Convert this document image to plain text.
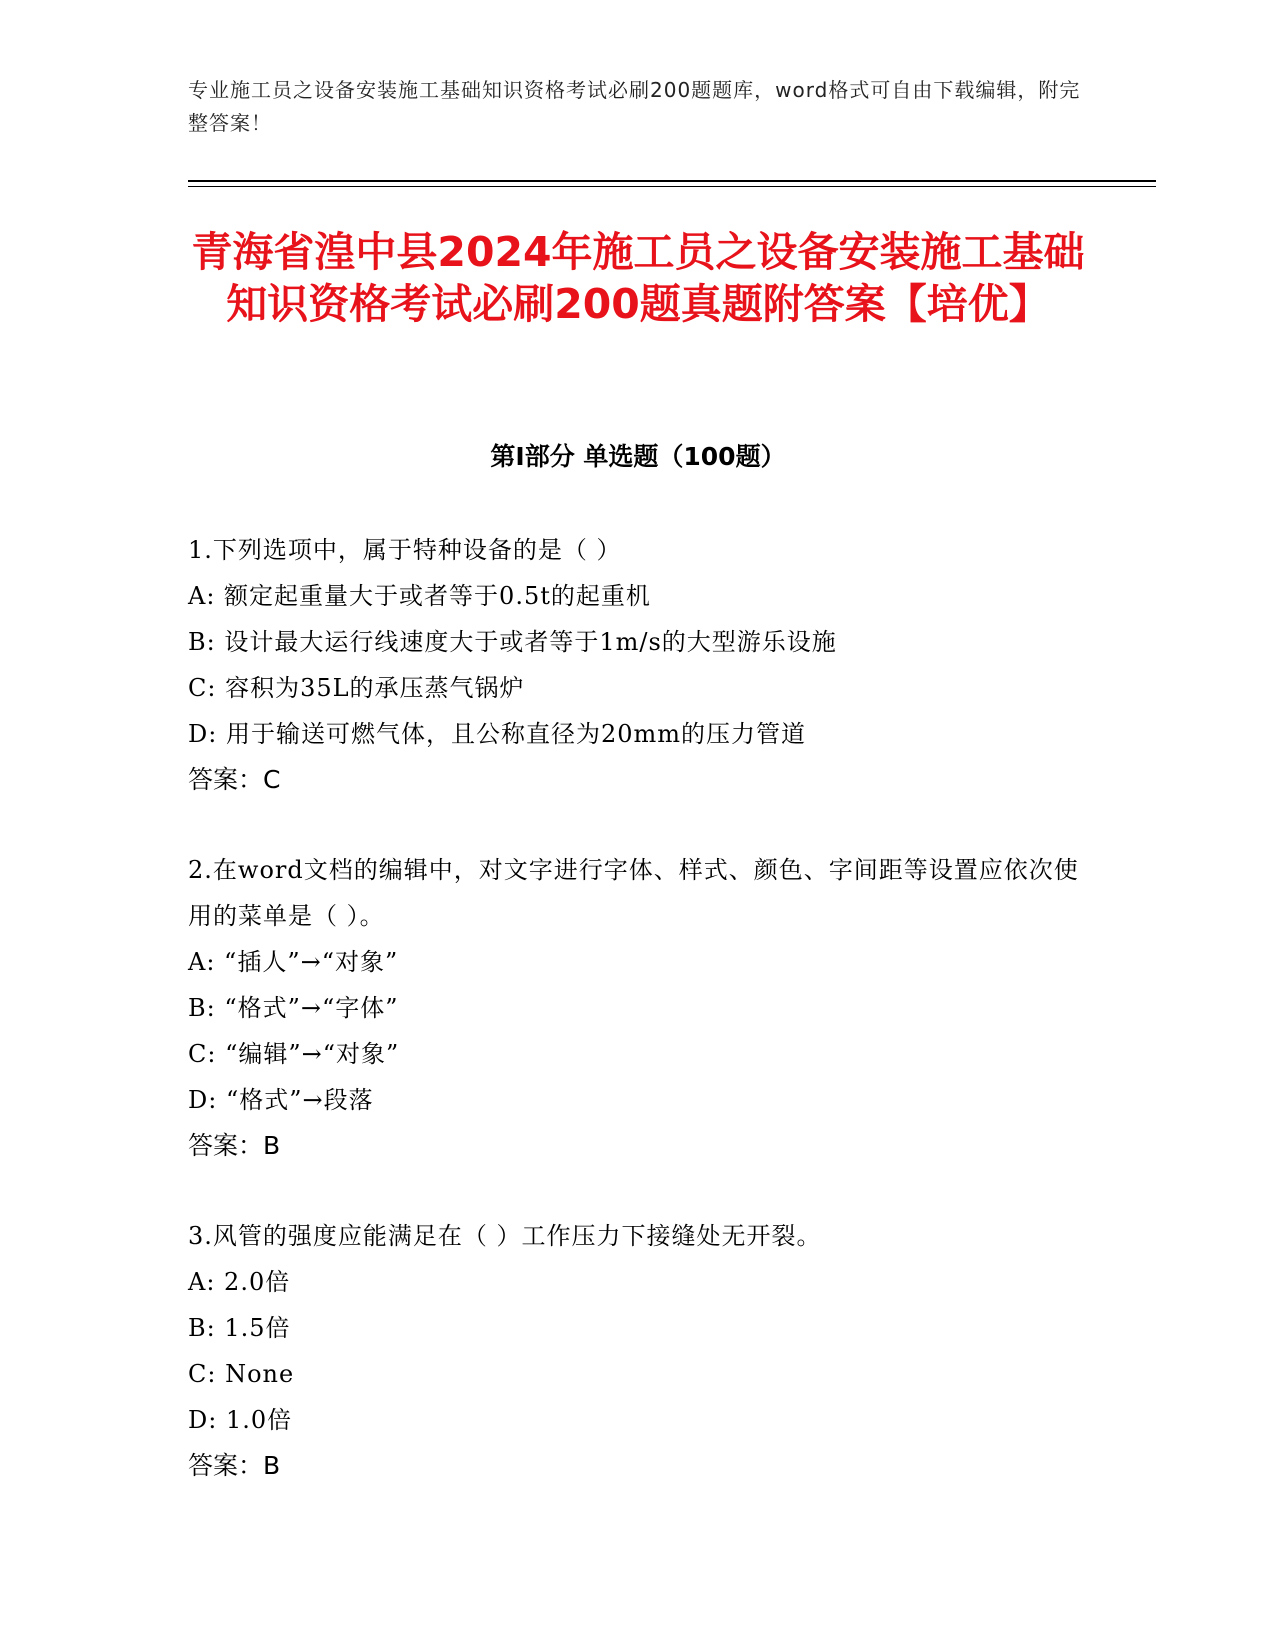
专业施工员之设备安装施工基础知识资格考试必刷200题题库，word格式可自由下载编辑，附完整答案！
青海省湟中县2024年施工员之设备安装施工基础知识资格考试必刷200题真题附答案【培优】
第I部分 单选题（100题）
1.下列选项中，属于特种设备的是（ ）
A: 额定起重量大于或者等于0.5t的起重机
B: 设计最大运行线速度大于或者等于1m/s的大型游乐设施
C: 容积为35L的承压蒸气锅炉
D: 用于输送可燃气体，且公称直径为20mm的压力管道
答案：C
2.在word文档的编辑中，对文字进行字体、样式、颜色、字间距等设置应依次使用的菜单是（ ）。
A: “插人”→“对象”
B: “格式”→“字体”
C: “编辑”→“对象”
D: “格式”→段落
答案：B
3.风管的强度应能满足在（ ）工作压力下接缝处无开裂。
A: 2.0倍
B: 1.5倍
C: None
D: 1.0倍
答案：B
